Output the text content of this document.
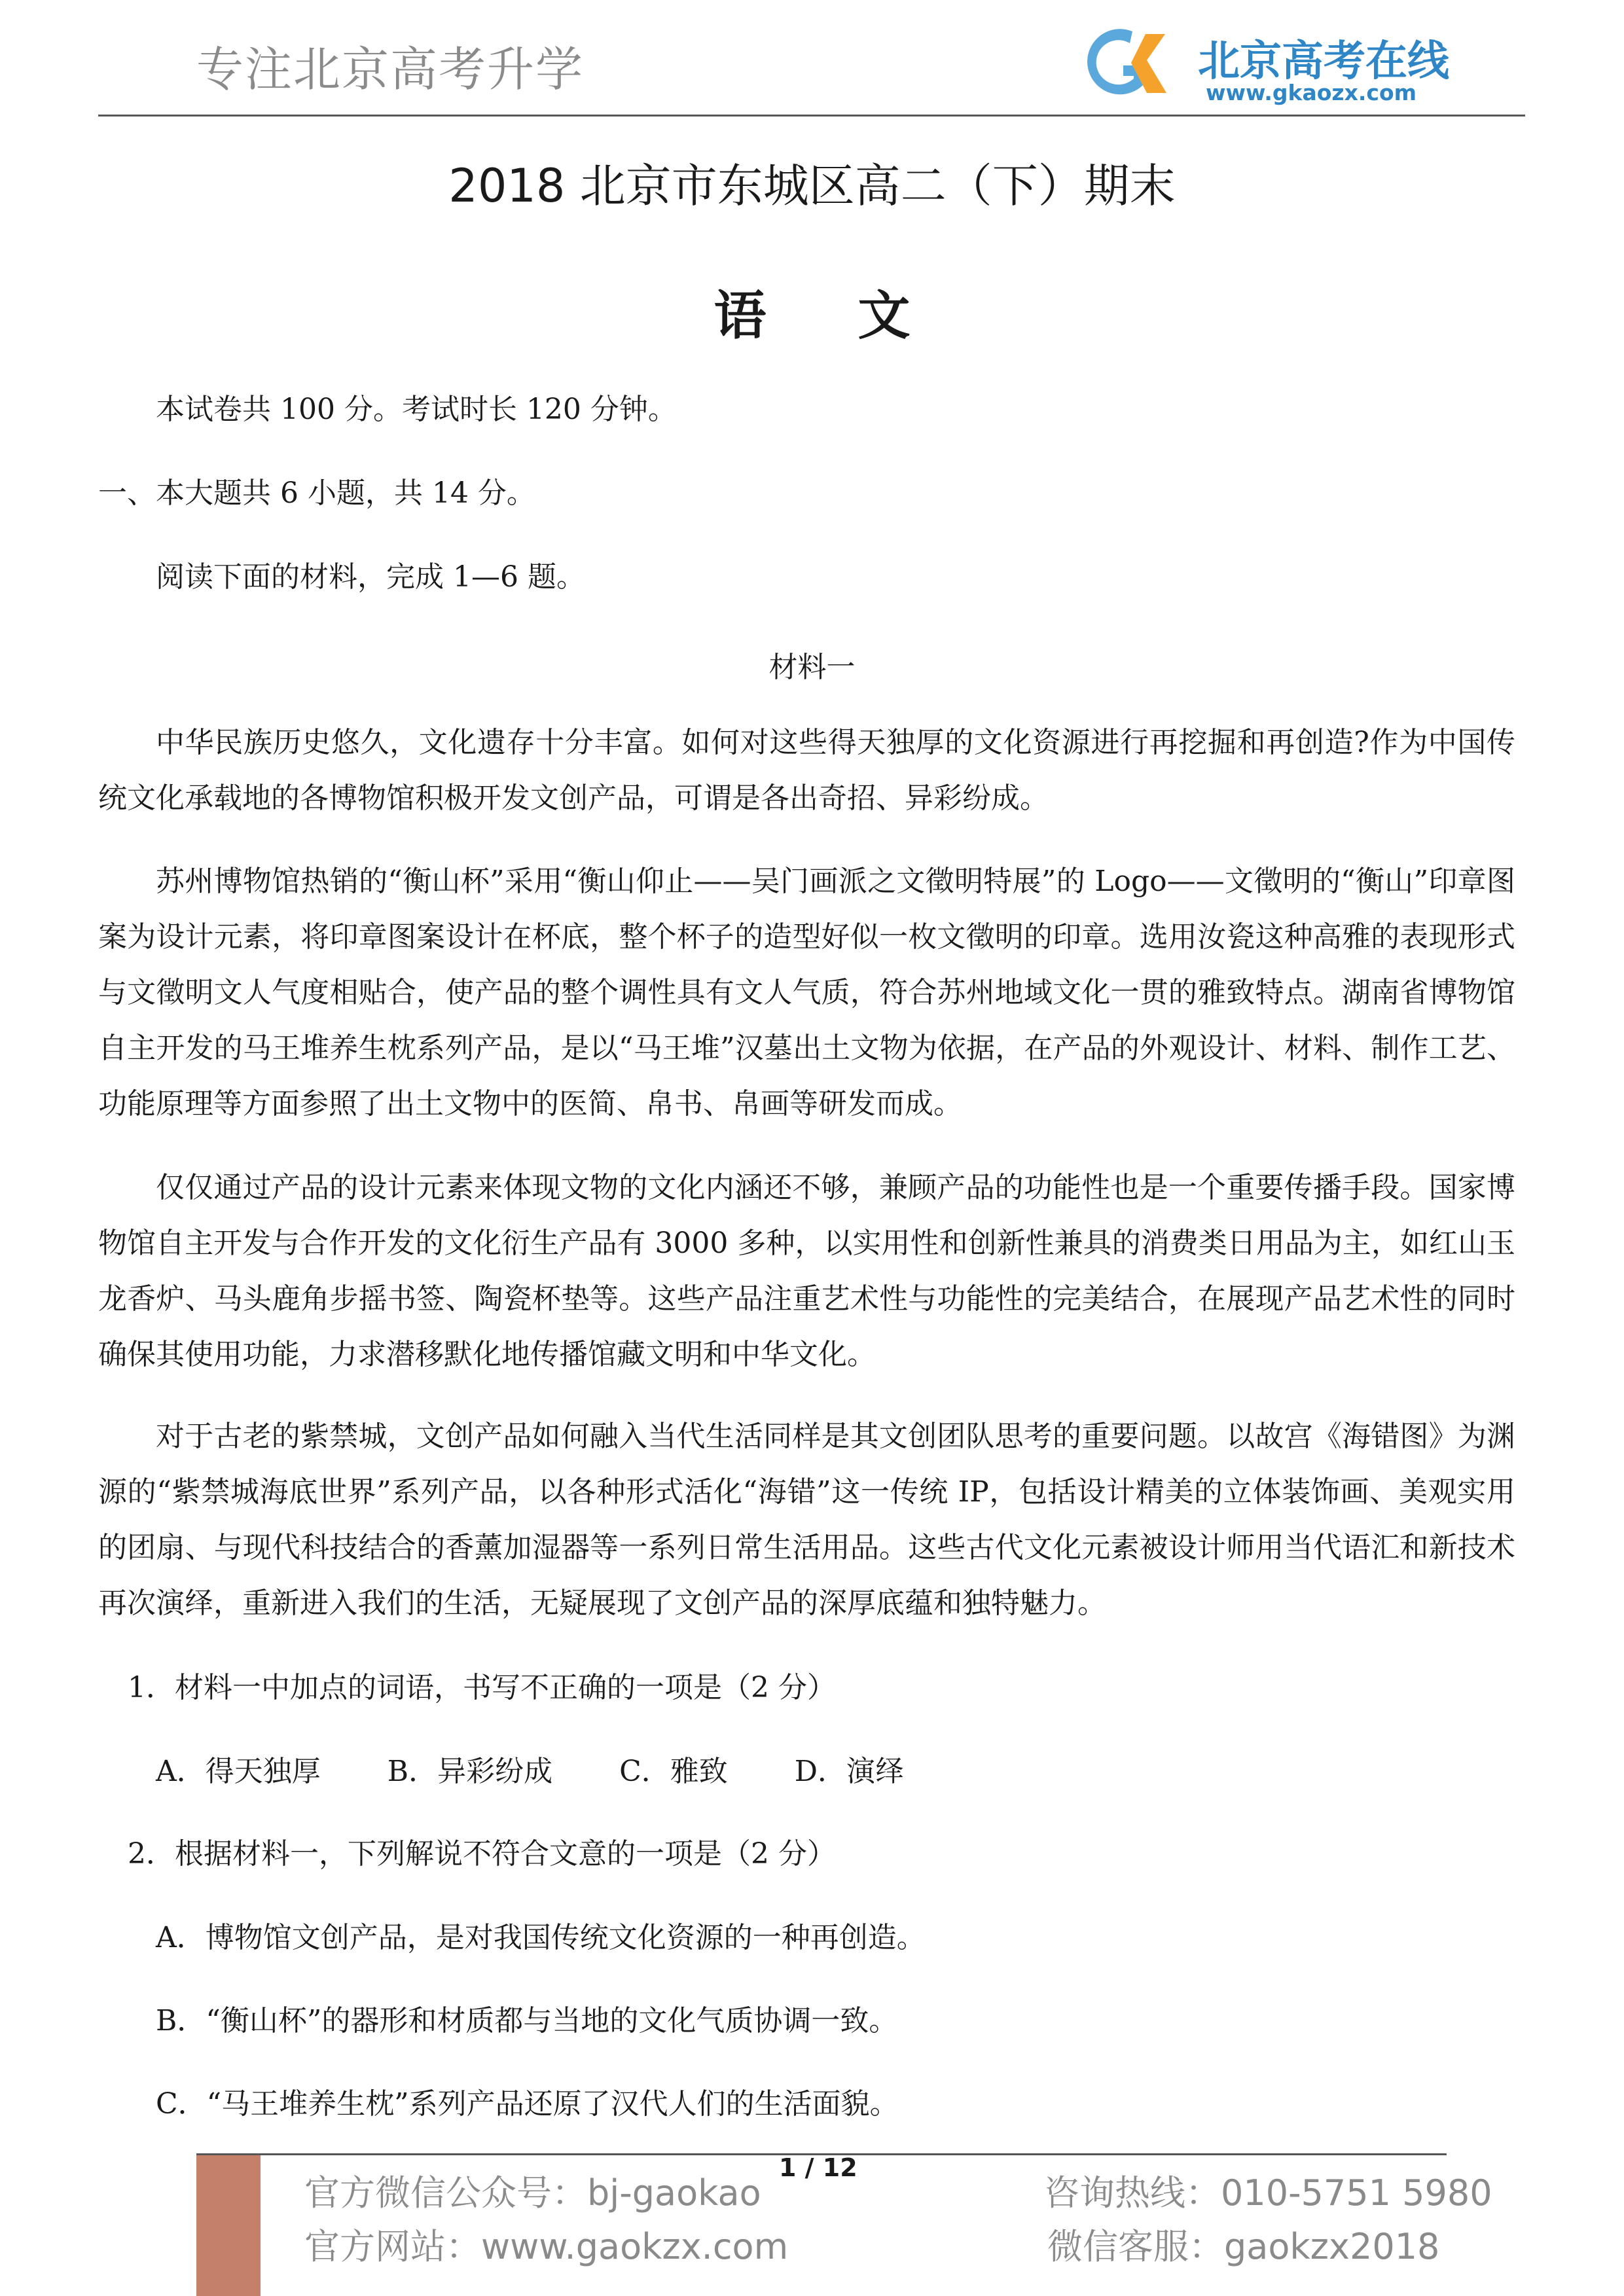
专注北京高考升学	北京高考在线
www.gkaozx.com
2018 北京市东城区高二（下）期末
语文
本试卷共 100 分。考试时长 120 分钟。
一、本大题共 6 小题，共 14 分。
阅读下面的材料，完成 1—6 题。
材料一
中华民族历史悠久，文化遗存十分丰富。如何对这些得天独厚的文化资源进行再挖掘和再创造?作为中国传统文化承载地的各博物馆积极开发文创产品，可谓是各出奇招、异彩纷成。
苏州博物馆热销的“衡山杯”采用“衡山仰止——吴门画派之文徵明特展”的 Logo——文徵明的“衡山”印章图案为设计元素，将印章图案设计在杯底，整个杯子的造型好似一枚文徵明的印章。选用汝瓷这种高雅的表现形式与文徵明文人气度相贴合，使产品的整个调性具有文人气质，符合苏州地域文化一贯的雅致特点。湖南省博物馆自主开发的马王堆养生枕系列产品，是以“马王堆”汉墓出土文物为依据，在产品的外观设计、材料、制作工艺、功能原理等方面参照了出土文物中的医简、帛书、帛画等研发而成。
仅仅通过产品的设计元素来体现文物的文化内涵还不够，兼顾产品的功能性也是一个重要传播手段。国家博物馆自主开发与合作开发的文化衍生产品有 3000 多种，以实用性和创新性兼具的消费类日用品为主，如红山玉龙香炉、马头鹿角步摇书签、陶瓷杯垫等。这些产品注重艺术性与功能性的完美结合，在展现产品艺术性的同时确保其使用功能，力求潜移默化地传播馆藏文明和中华文化。
对于古老的紫禁城，文创产品如何融入当代生活同样是其文创团队思考的重要问题。以故宫《海错图》为渊源的“紫禁城海底世界”系列产品，以各种形式活化“海错”这一传统 IP，包括设计精美的立体装饰画、美观实用的团扇、与现代科技结合的香薰加湿器等一系列日常生活用品。这些古代文化元素被设计师用当代语汇和新技术再次演绎，重新进入我们的生活，无疑展现了文创产品的深厚底蕴和独特魅力。
1．材料一中加点的词语，书写不正确的一项是（2 分）
A．得天独厚　　 B．异彩纷成　　 C．雅致　　 D．演绎
2．根据材料一，下列解说不符合文意的一项是（2 分）
A．博物馆文创产品，是对我国传统文化资源的一种再创造。
B．“衡山杯”的器形和材质都与当地的文化气质协调一致。
C．“马王堆养生枕”系列产品还原了汉代人们的生活面貌。
1 / 12
官方微信公众号：bj-gaokao
官方网站：www.gaokzx.com
咨询热线：010-5751 5980
微信客服：gaokzx2018
